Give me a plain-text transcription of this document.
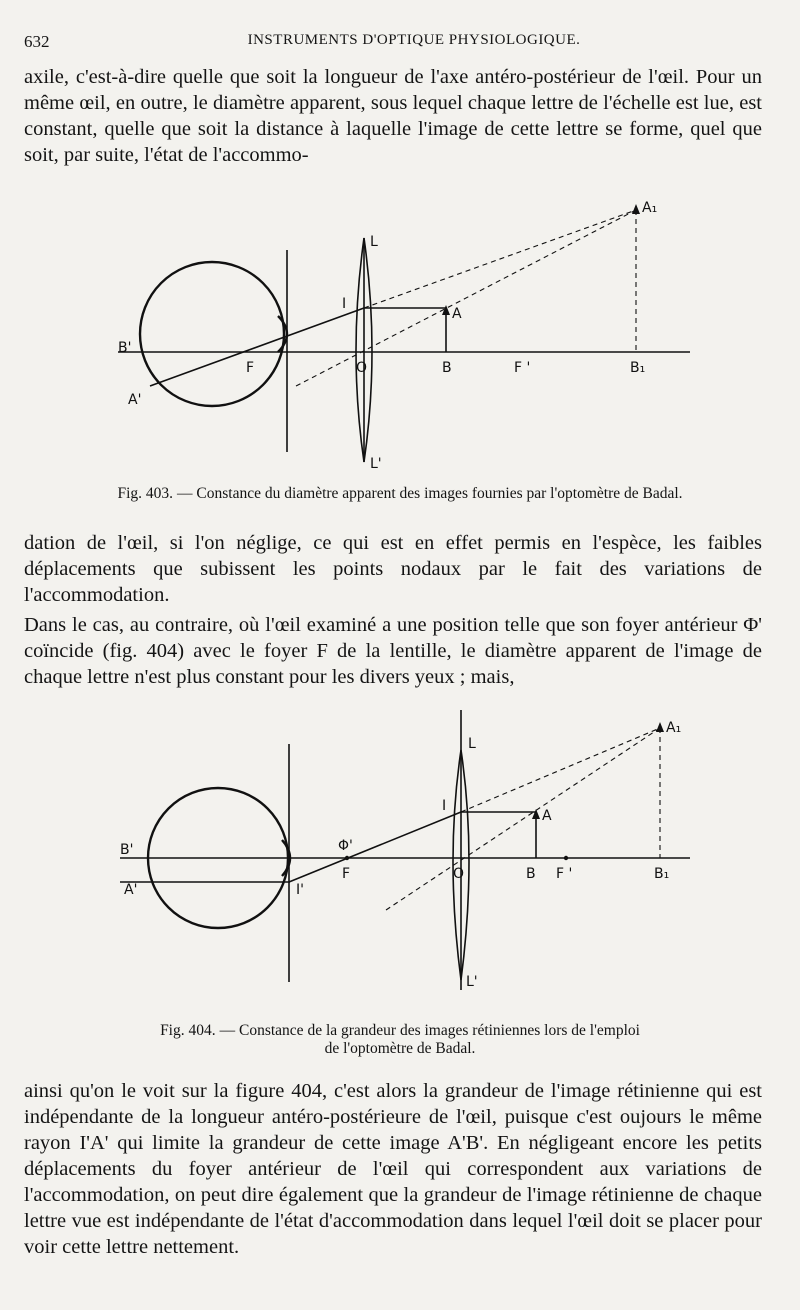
632	INSTRUMENTS D'OPTIQUE PHYSIOLOGIQUE.

axile, c'est-à-dire quelle que soit la longueur de l'axe antéro-postérieur de l'œil. Pour un même œil, en outre, le diamètre apparent, sous lequel chaque lettre de l'échelle est lue, est constant, quelle que soit la distance à laquelle l'image de cette lettre se forme, quel que soit, par suite, l'état de l'accommo-

L
L'
I
A
A₁
B	B₁
F	F '
O
B'
A'

Fig. 403. — Constance du diamètre apparent des images fournies par l'optomètre de Badal.

dation de l'œil, si l'on néglige, ce qui est en effet permis en l'espèce, les faibles déplacements que subissent les points nodaux par le fait des variations de l'accommodation.

Dans le cas, au contraire, où l'œil examiné a une position telle que son foyer antérieur Φ' coïncide (fig. 404) avec le foyer F de la lentille, le diamètre apparent de l'image de chaque lettre n'est plus constant pour les divers yeux ; mais,

L
L'
I
I'
A
A₁
B	B₁
F	F '
O
Φ'
B'
A'

Fig. 404. — Constance de la grandeur des images rétiniennes lors de l'emploi
de l'optomètre de Badal.

ainsi qu'on le voit sur la figure 404, c'est alors la grandeur de l'image rétinienne qui est indépendante de la longueur antéro-postérieure de l'œil, puisque c'est oujours le même rayon I'A' qui limite la grandeur de cette image A'B'. En négligeant encore les petits déplacements du foyer antérieur de l'œil qui correspondent aux variations de l'accommodation, on peut dire également que la grandeur de l'image rétinienne de chaque lettre vue est indépendante de l'état d'accommodation dans lequel l'œil doit se placer pour voir cette lettre nettement.
